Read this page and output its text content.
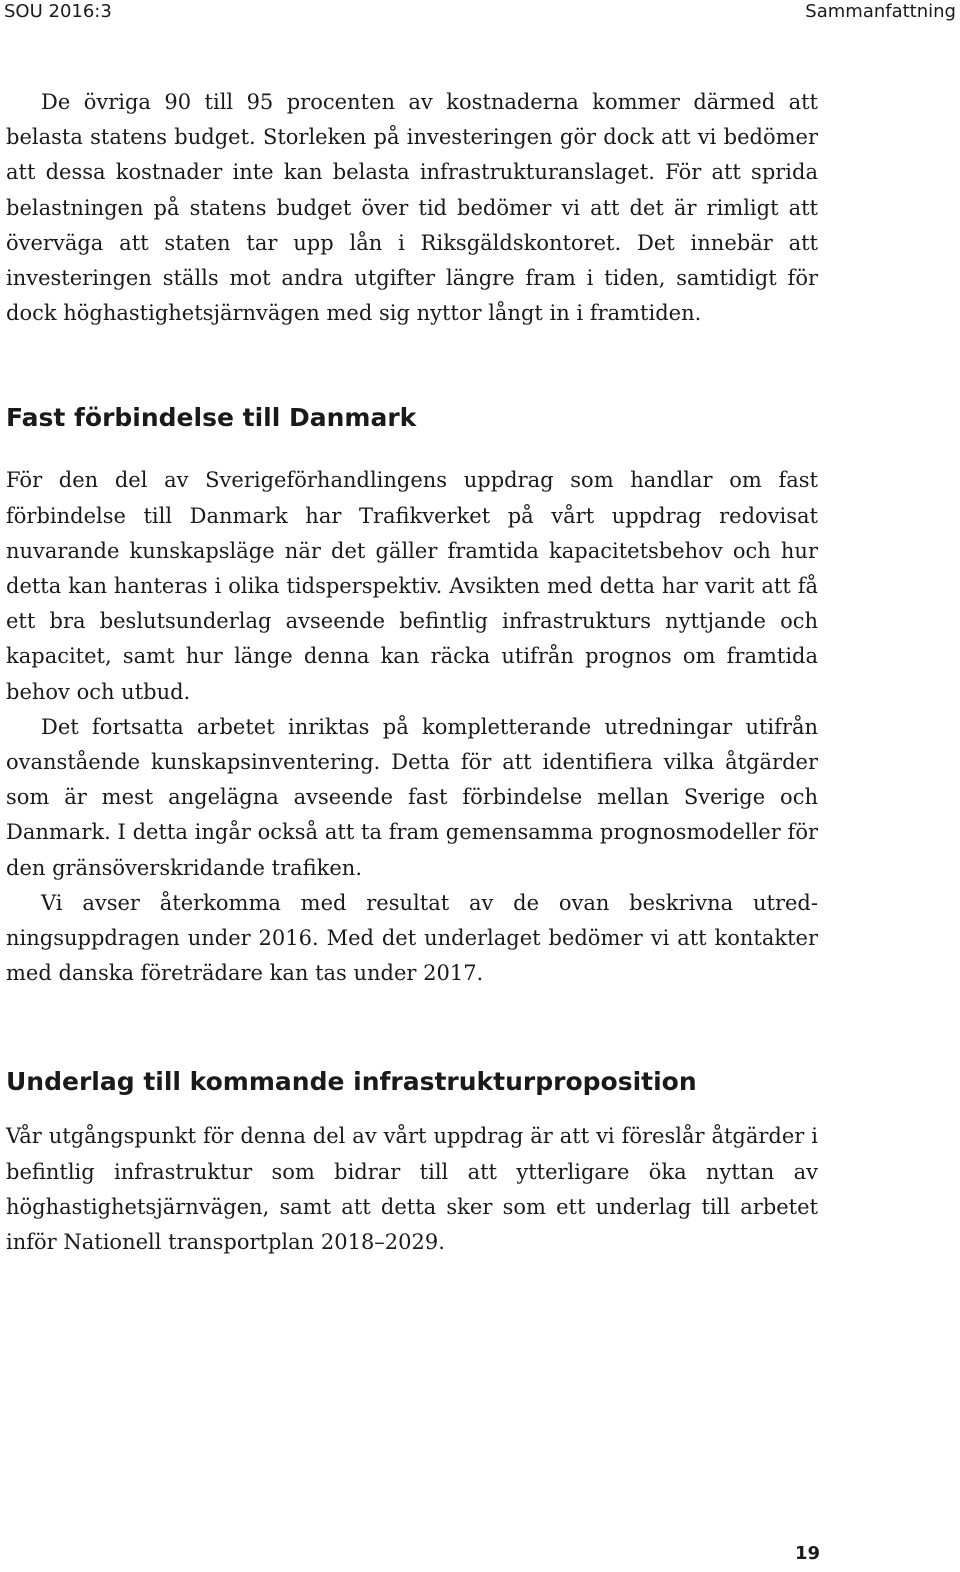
SOU 2016:3	Sammanfattning

De övriga 90 till 95 procenten av kostnaderna kommer därmed att belasta statens budget. Storleken på investeringen gör dock att vi bedömer att dessa kostnader inte kan belasta infrastrukturanslaget. För att sprida belastningen på statens budget över tid bedömer vi att det är rimligt att överväga att staten tar upp lån i Riksgäldskontoret. Det innebär att investeringen ställs mot andra utgifter längre fram i tiden, samtidigt för dock höghastighetsjärnvägen med sig nyttor långt in i framtiden.

Fast förbindelse till Danmark

För den del av Sverigeförhandlingens uppdrag som handlar om fast förbindelse till Danmark har Trafikverket på vårt uppdrag redovisat nuvarande kunskapsläge när det gäller framtida kapacitetsbehov och hur detta kan hanteras i olika tidsperspektiv. Avsikten med detta har varit att få ett bra beslutsunderlag avseende befintlig infrastrukturs nyttjande och kapacitet, samt hur länge denna kan räcka utifrån prognos om framtida behov och utbud.

Det fortsatta arbetet inriktas på kompletterande utredningar utifrån ovanstående kunskapsinventering. Detta för att identifiera vilka åtgärder som är mest angelägna avseende fast förbindelse mellan Sverige och Danmark. I detta ingår också att ta fram gemensamma prognosmodeller för den gränsöverskridande trafiken.

Vi avser återkomma med resultat av de ovan beskrivna utredningsuppdragen under 2016. Med det underlaget bedömer vi att kontakter med danska företrädare kan tas under 2017.

Underlag till kommande infrastrukturproposition

Vår utgångspunkt för denna del av vårt uppdrag är att vi föreslår åtgärder i befintlig infrastruktur som bidrar till att ytterligare öka nyttan av höghastighetsjärnvägen, samt att detta sker som ett underlag till arbetet inför Nationell transportplan 2018–2029.

19
